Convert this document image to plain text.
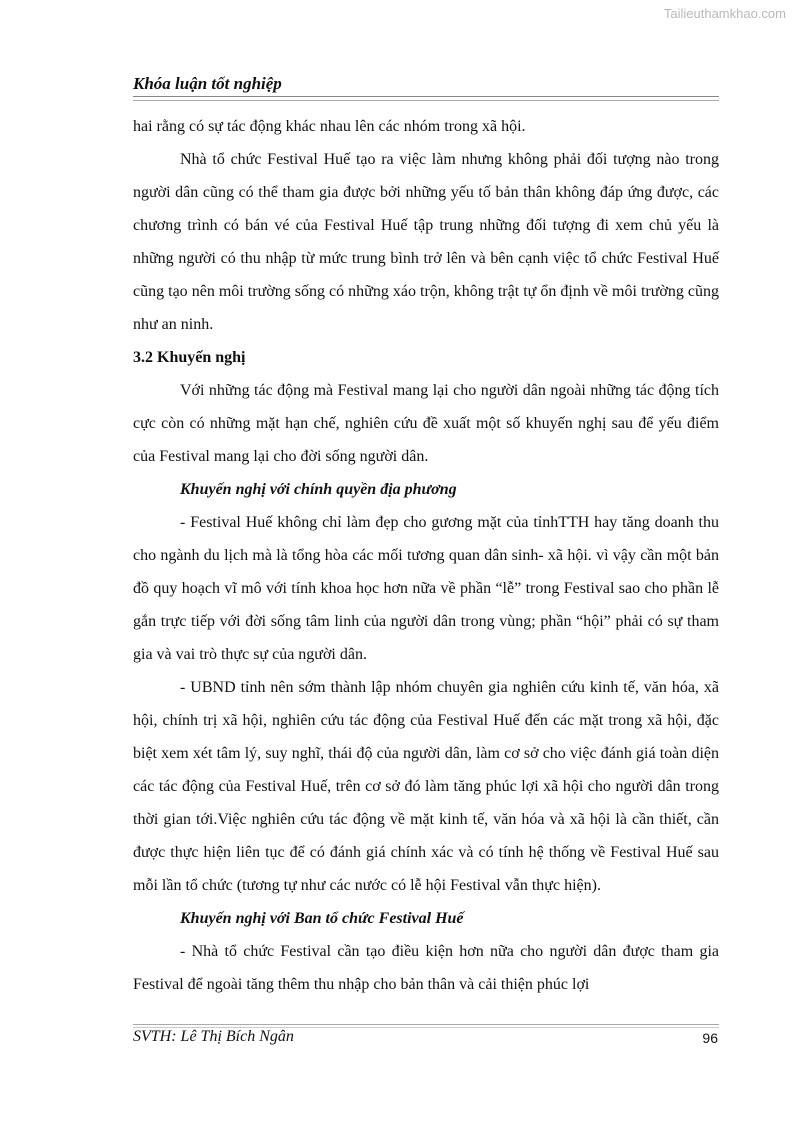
Tailieuthamkhao.com
Khóa luận tốt nghiệp

hai rằng có sự tác động khác nhau lên các nhóm trong xã hội.

Nhà tổ chức Festival Huế tạo ra việc làm nhưng không phải đối tượng nào trong người dân cũng có thể tham gia được bởi những yếu tố bản thân không đáp ứng được, các chương trình có bán vé của Festival Huế tập trung những đối tượng đi xem chủ yếu là những người có thu nhập từ mức trung bình trở lên và bên cạnh việc tổ chức Festival Huế cũng tạo nên môi trường sống có những xáo trộn, không trật tự ổn định về môi trường cũng như an ninh.

3.2 Khuyến nghị

Với những tác động mà Festival mang lại cho người dân ngoài những tác động tích cực còn có những mặt hạn chế, nghiên cứu đề xuất một số khuyến nghị sau để yếu điểm của Festival mang lại cho đời sống người dân.

Khuyến nghị với chính quyền địa phương

- Festival Huế không chỉ làm đẹp cho gương mặt của tỉnhTTH hay tăng doanh thu cho ngành du lịch mà là tổng hòa các mối tương quan dân sinh- xã hội. vì vậy cần một bản đồ quy hoạch vĩ mô với tính khoa học hơn nữa về phần “lễ” trong Festival sao cho phần lễ gắn trực tiếp với đời sống tâm linh của người dân trong vùng; phần “hội” phải có sự tham gia và vai trò thực sự của người dân.

- UBND tỉnh nên sớm thành lập nhóm chuyên gia nghiên cứu kinh tế, văn hóa, xã hội, chính trị xã hội, nghiên cứu tác động của Festival Huế đến các mặt trong xã hội, đặc biệt xem xét tâm lý, suy nghĩ, thái độ của người dân, làm cơ sở cho việc đánh giá toàn diện các tác động của Festival Huế, trên cơ sở đó làm tăng phúc lợi xã hội cho người dân trong thời gian tới.Việc nghiên cứu tác động về mặt kinh tế, văn hóa và xã hội là cần thiết, cần được thực hiện liên tục để có đánh giá chính xác và có tính hệ thống về Festival Huế sau mỗi lần tổ chức (tương tự như các nước có lễ hội Festival vẫn thực hiện).

Khuyến nghị với Ban tổ chức Festival Huế

- Nhà tổ chức Festival cần tạo điều kiện hơn nữa cho người dân được tham gia Festival để ngoài tăng thêm thu nhập cho bản thân và cải thiện phúc lợi

SVTH: Lê Thị Bích Ngân	96
